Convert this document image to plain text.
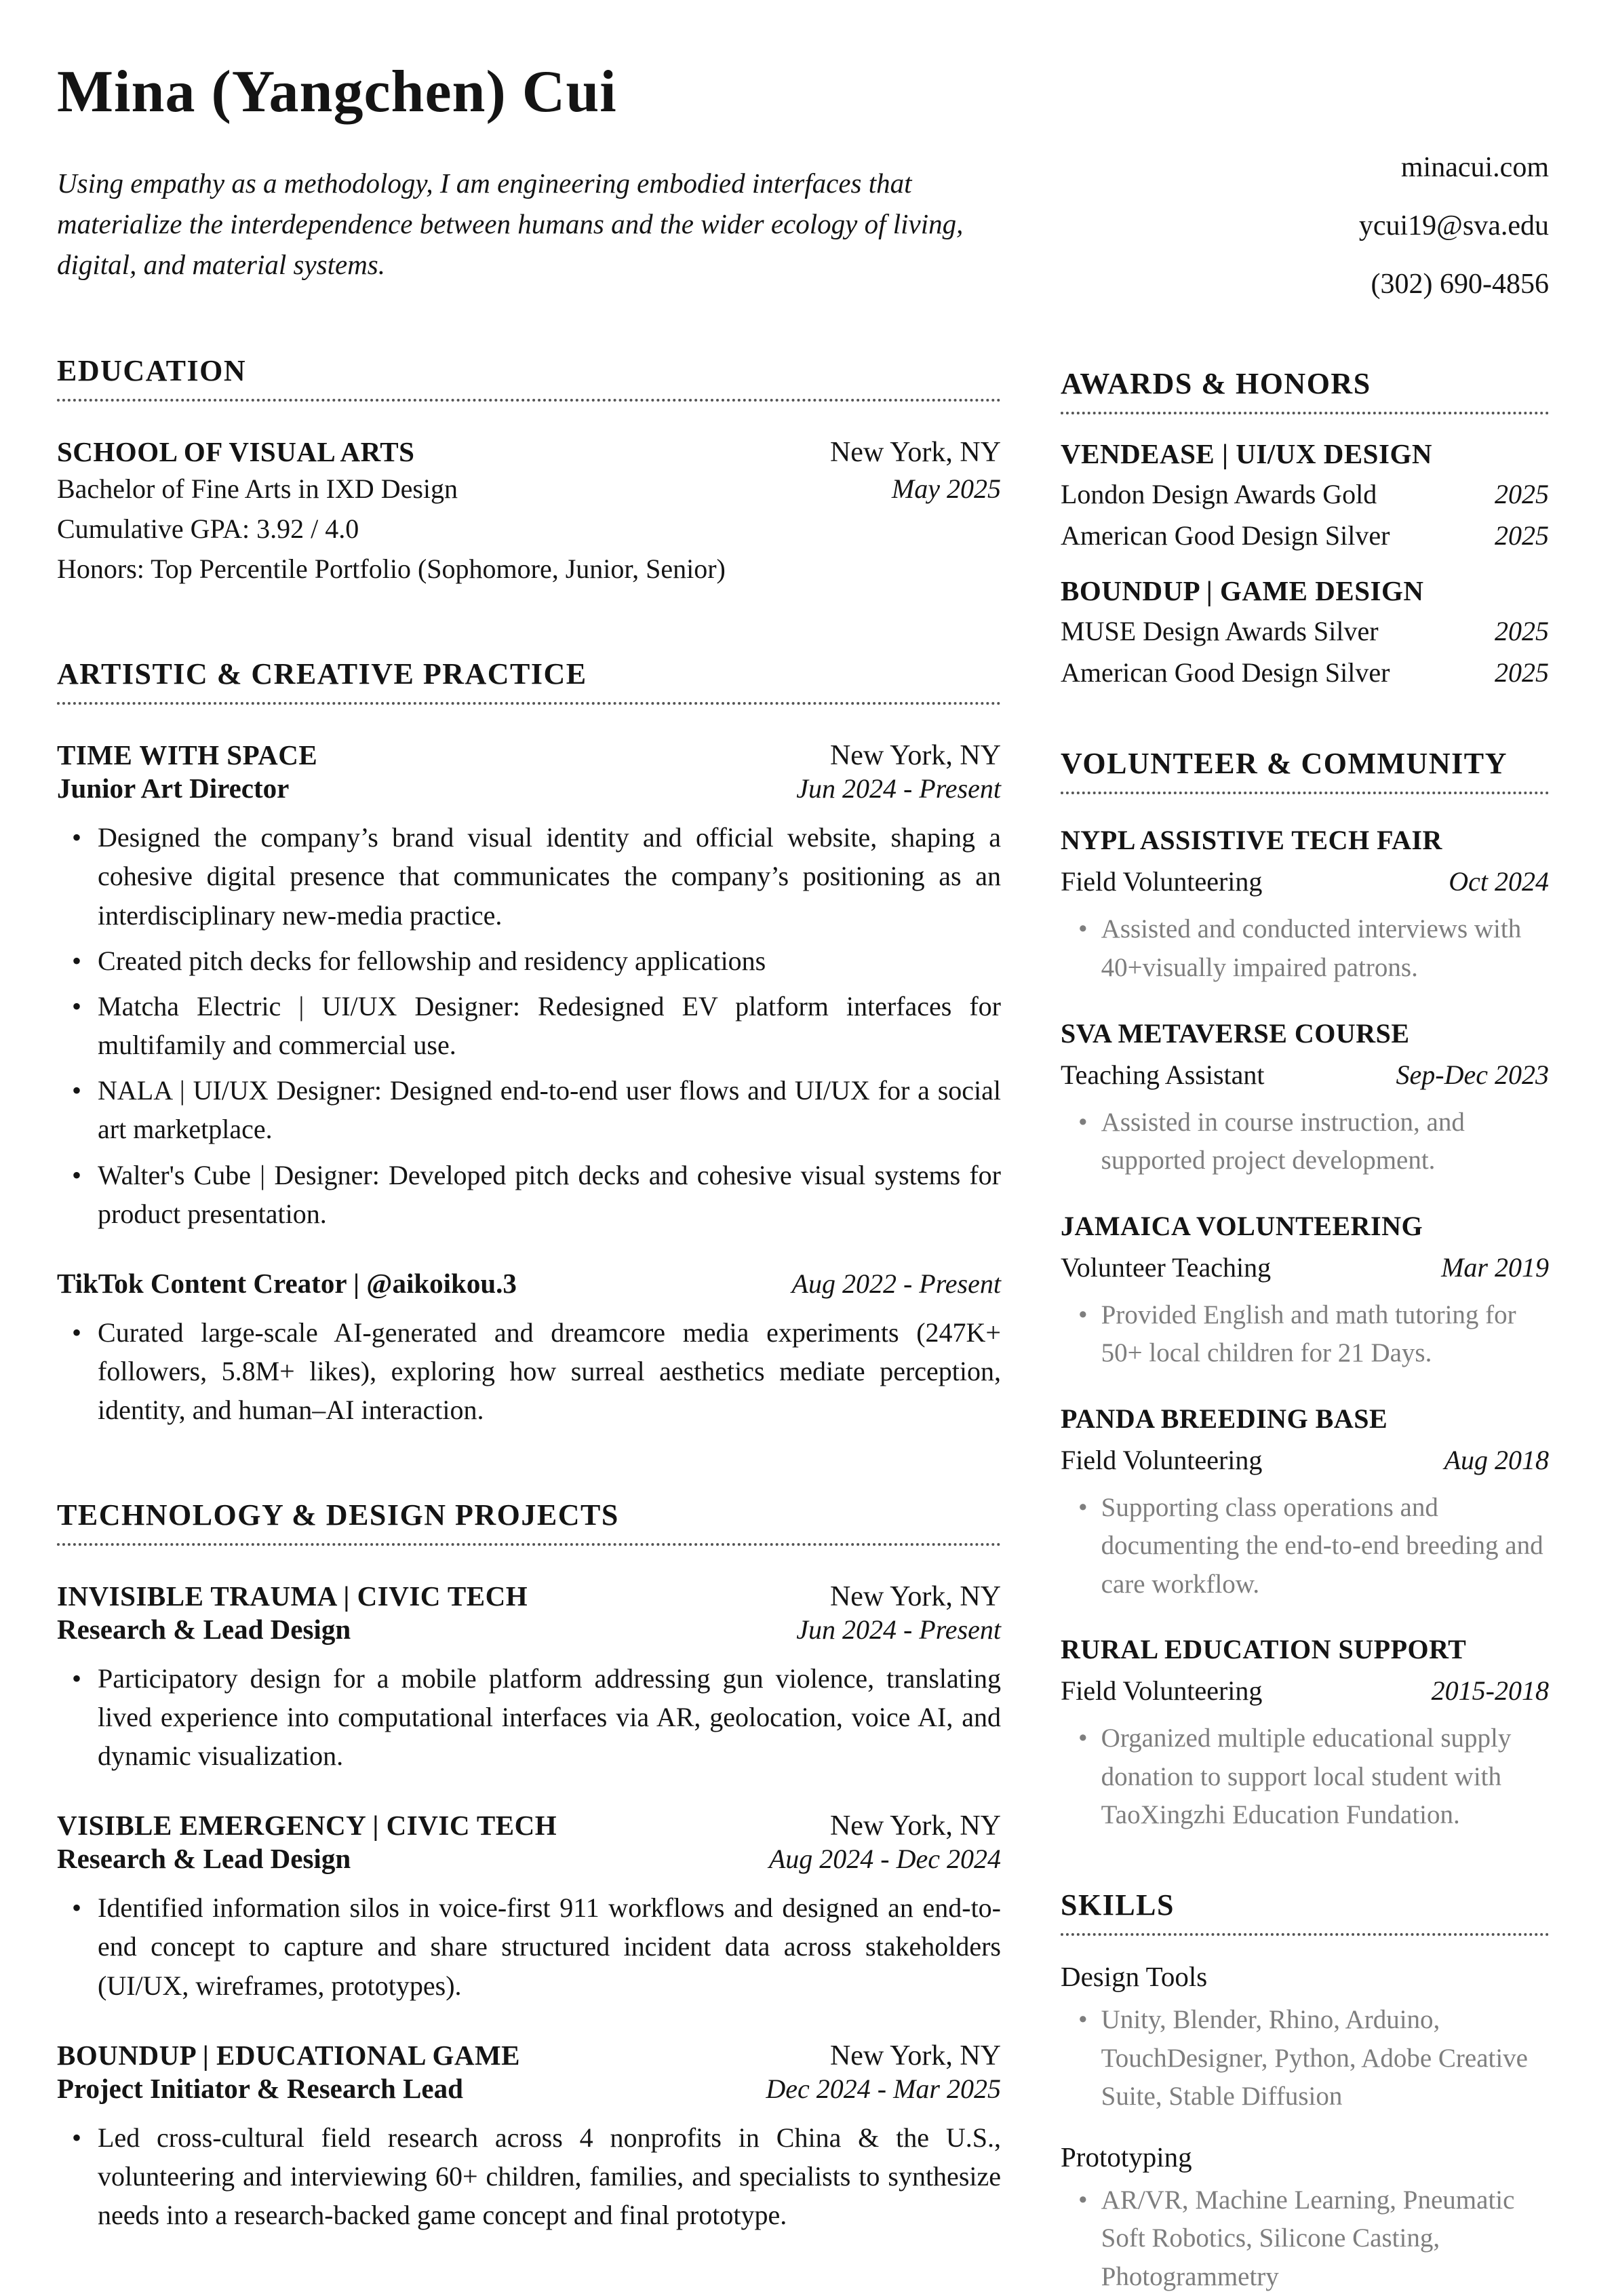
Mina (Yangchen) Cui

Using empathy as a methodology, I am engineering embodied interfaces that materialize the interdependence between humans and the wider ecology of living, digital, and material systems.

EDUCATION
SCHOOL OF VISUAL ARTS	New York, NY
Bachelor of Fine Arts in IXD Design	May 2025
Cumulative GPA: 3.92 / 4.0
Honors: Top Percentile Portfolio (Sophomore, Junior, Senior)
ARTISTIC & CREATIVE PRACTICE
TIME WITH SPACE	New York, NY
Junior Art Director	Jun 2024 - Present
• Designed the company’s brand visual identity and official website, shaping a cohesive digital presence that communicates the company’s positioning as an interdisciplinary new-media practice.
• Created pitch decks for fellowship and residency applications
• Matcha Electric | UI/UX Designer: Redesigned EV platform interfaces for multifamily and commercial use.
• NALA | UI/UX Designer: Designed end-to-end user flows and UI/UX for a social art marketplace.
• Walter's Cube | Designer: Developed pitch decks and cohesive visual systems for product presentation.
TikTok Content Creator | @aikoikou.3	Aug 2022 - Present
• Curated large-scale AI-generated and dreamcore media experiments (247K+ followers, 5.8M+ likes), exploring how surreal aesthetics mediate perception, identity, and human–AI interaction.
TECHNOLOGY & DESIGN PROJECTS
INVISIBLE TRAUMA | CIVIC TECH	New York, NY
Research & Lead Design	Jun 2024 - Present
• Participatory design for a mobile platform addressing gun violence, translating lived experience into computational interfaces via AR, geolocation, voice AI, and dynamic visualization.
VISIBLE EMERGENCY | CIVIC TECH	New York, NY
Research & Lead Design	Aug 2024 - Dec 2024
• Identified information silos in voice-first 911 workflows and designed an end-to-end concept to capture and share structured incident data across stakeholders (UI/UX, wireframes, prototypes).
BOUNDUP | EDUCATIONAL GAME	New York, NY
Project Initiator & Research Lead	Dec 2024 - Mar 2025
• Led cross-cultural field research across 4 nonprofits in China & the U.S., volunteering and interviewing 60+ children, families, and specialists to synthesize needs into a research-backed game concept and final prototype.
minacui.com
ycui19@sva.edu
(302) 690-4856
AWARDS & HONORS
VENDEASE | UI/UX DESIGN
London Design Awards Gold	2025
American Good Design Silver	2025
BOUNDUP | GAME DESIGN
MUSE Design Awards Silver	2025
American Good Design Silver	2025
VOLUNTEER & COMMUNITY
NYPL ASSISTIVE TECH FAIR
Field Volunteering	Oct 2024
• Assisted and conducted interviews with 40+visually impaired patrons.
SVA METAVERSE COURSE
Teaching Assistant	Sep-Dec 2023
• Assisted in course instruction, and supported project development.
JAMAICA VOLUNTEERING
Volunteer Teaching	Mar 2019
• Provided English and math tutoring for 50+ local children for 21 Days.
PANDA BREEDING BASE
Field Volunteering	Aug 2018
• Supporting class operations and documenting the end-to-end breeding and care workflow.
RURAL EDUCATION SUPPORT
Field Volunteering	2015-2018
• Organized multiple educational supply donation to support local student with TaoXingzhi Education Fundation.
SKILLS
Design Tools
• Unity, Blender, Rhino, Arduino, TouchDesigner, Python, Adobe Creative Suite, Stable Diffusion
Prototyping
• AR/VR, Machine Learning, Pneumatic Soft Robotics, Silicone Casting, Photogrammetry
